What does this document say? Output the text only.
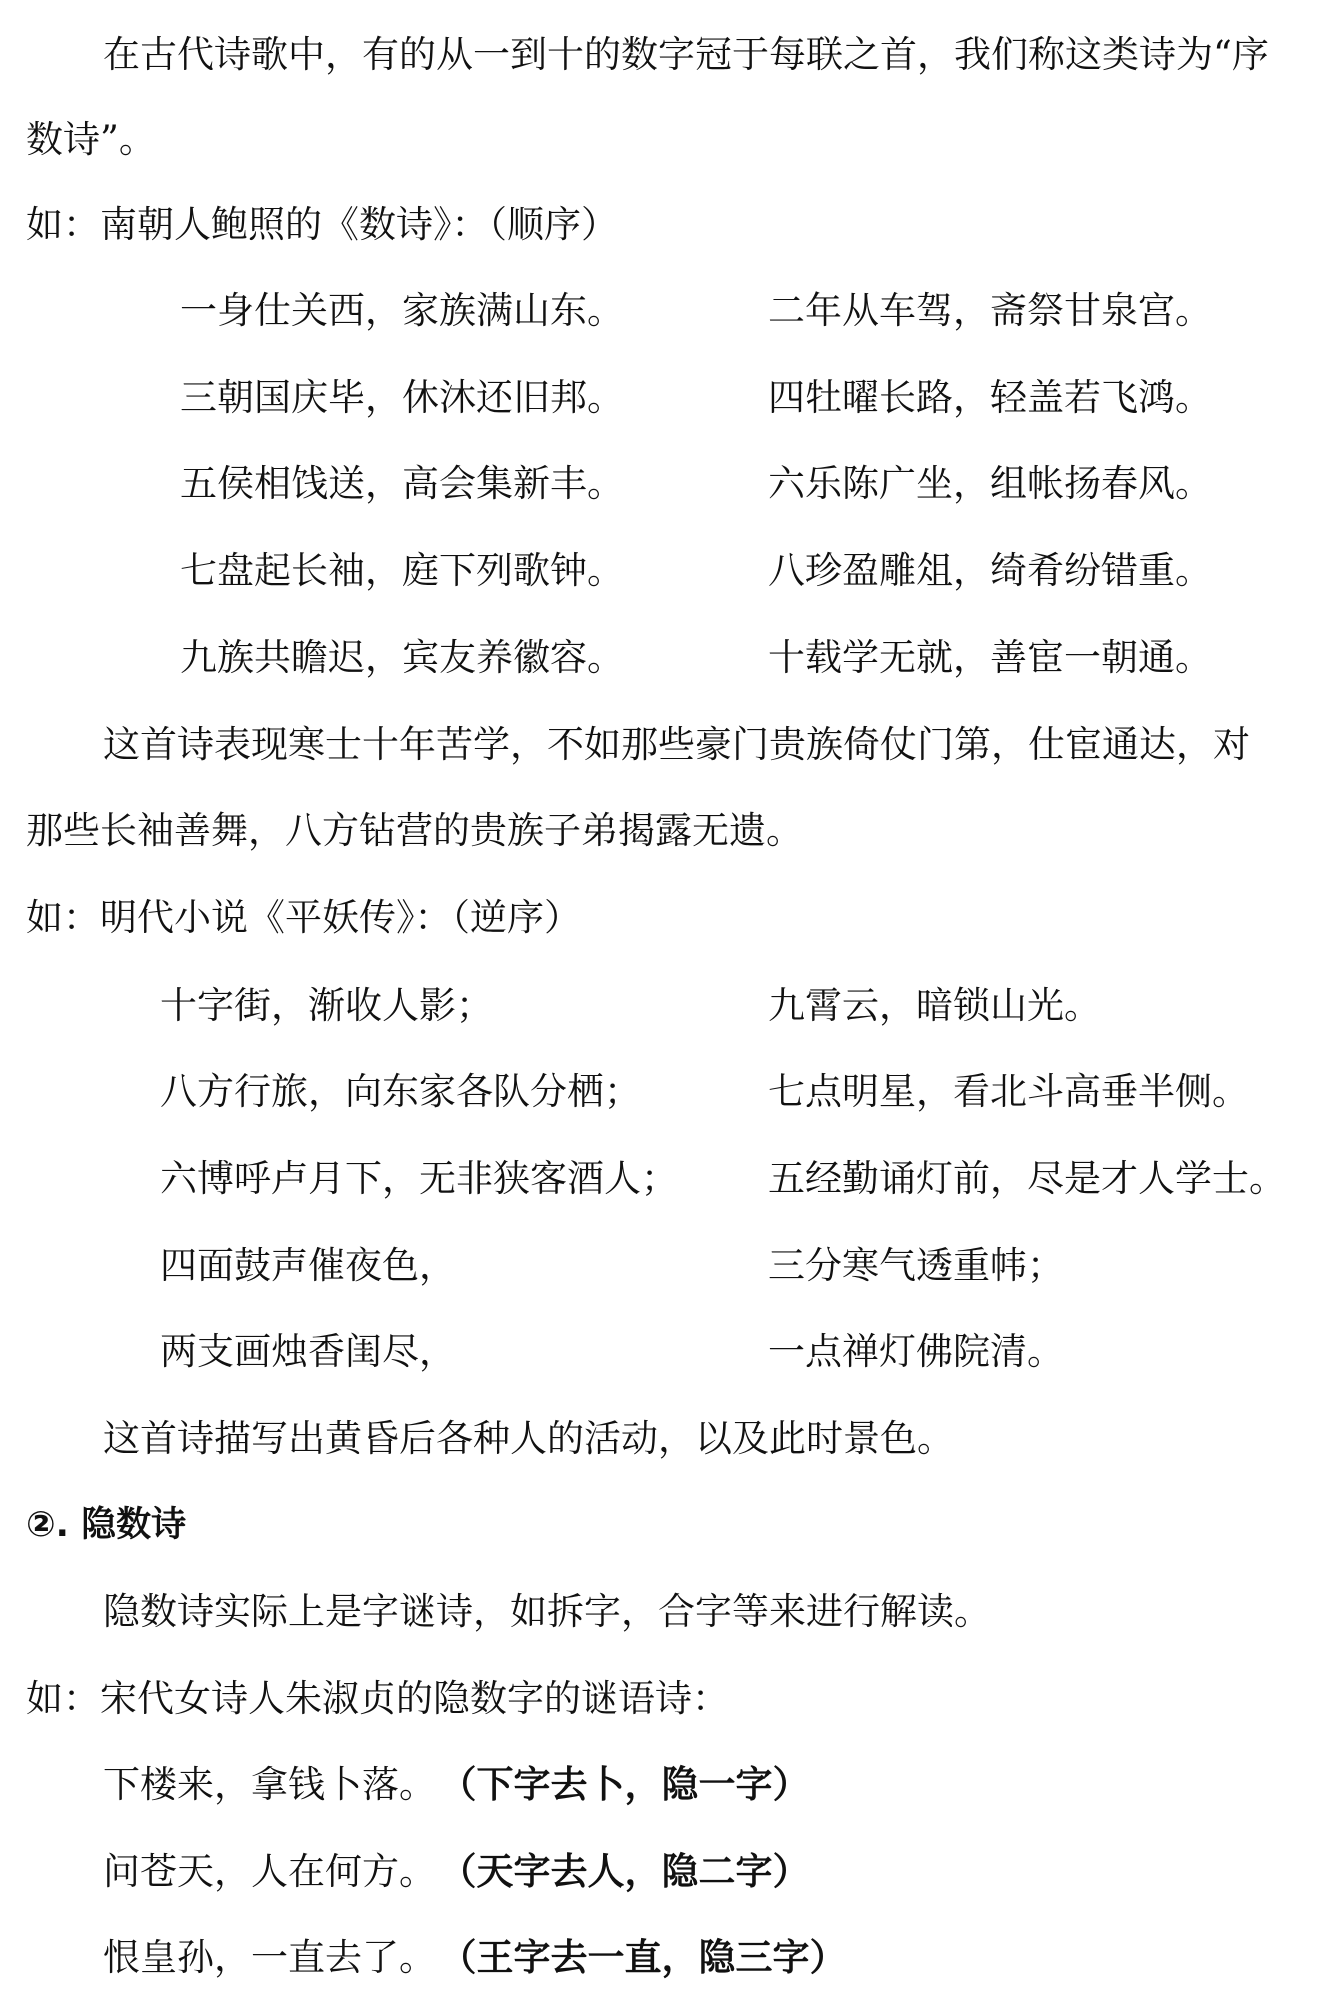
在古代诗歌中，有的从一到十的数字冠于每联之首，我们称这类诗为“序
数诗”。
如：南朝人鲍照的《数诗》：（顺序）
一身仕关西，家族满山东。	二年从车驾，斋祭甘泉宫。
三朝国庆毕，休沐还旧邦。	四牡曜长路，轻盖若飞鸿。
五侯相饯送，高会集新丰。	六乐陈广坐，组帐扬春风。
七盘起长袖，庭下列歌钟。	八珍盈雕俎，绮肴纷错重。
九族共瞻迟，宾友养徽容。	十载学无就，善宦一朝通。
这首诗表现寒士十年苦学，不如那些豪门贵族倚仗门第，仕宦通达，对
那些长袖善舞，八方钻营的贵族子弟揭露无遗。
如：明代小说《平妖传》：（逆序）
十字街，渐收人影；	九霄云，暗锁山光。
八方行旅，向东家各队分栖；	七点明星，看北斗高垂半侧。
六博呼卢月下，无非狭客酒人； 五经勤诵灯前，尽是才人学士。
四面鼓声催夜色，	三分寒气透重帏；
两支画烛香闺尽，	一点禅灯佛院清。
这首诗描写出黄昏后各种人的活动，以及此时景色。
②. 隐数诗
隐数诗实际上是字谜诗，如拆字，合字等来进行解读。
如：宋代女诗人朱淑贞的隐数字的谜语诗：
下楼来，拿钱卜落。 （下字去卜，隐一字）
问苍天，人在何方。 （天字去人，隐二字）
恨皇孙，一直去了。 （王字去一直，隐三字）
